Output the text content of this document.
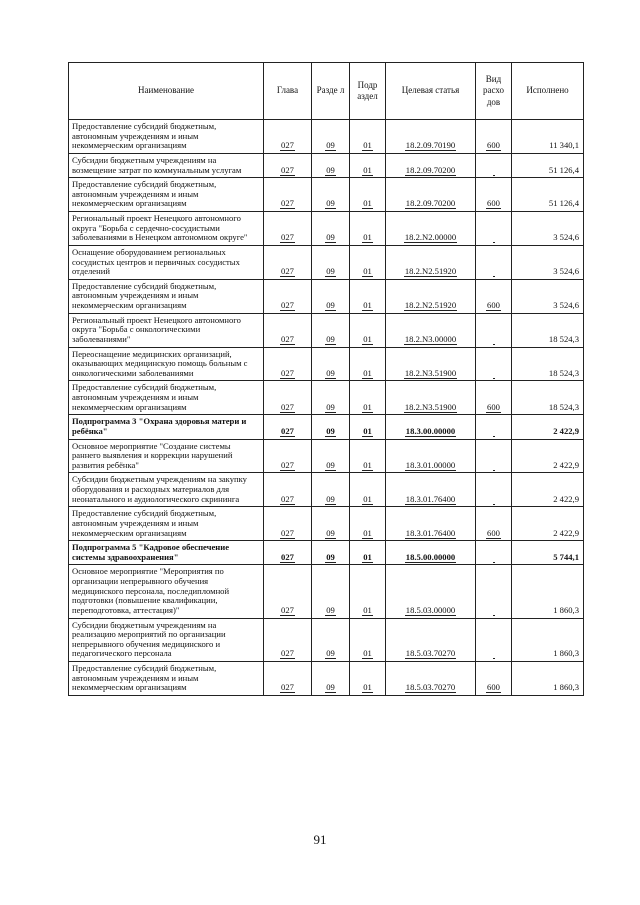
Наименование	Глава	Разде л	Подр аздел	Целевая статья	Вид расхо дов	Исполнено
Предоставление субсидий бюджетным, автономным учреждениям и иным некоммерческим организациям	027	09	01	18.2.09.70190	600	11 340,1
Субсидии бюджетным учреждениям на возмещение затрат по коммунальным услугам	027	09	01	18.2.09.70200		51 126,4
Предоставление субсидий бюджетным, автономным учреждениям и иным некоммерческим организациям	027	09	01	18.2.09.70200	600	51 126,4
Региональный проект Ненецкого автономного округа "Борьба с сердечно-сосудистыми заболеваниями в Ненецком автономном округе"	027	09	01	18.2.N2.00000		3 524,6
Оснащение оборудованием региональных сосудистых центров и первичных сосудистых отделений	027	09	01	18.2.N2.51920		3 524,6
Предоставление субсидий бюджетным, автономным учреждениям и иным некоммерческим организациям	027	09	01	18.2.N2.51920	600	3 524,6
Региональный проект Ненецкого автономного округа "Борьба с онкологическими заболеваниями"	027	09	01	18.2.N3.00000		18 524,3
Переоснащение медицинских организаций, оказывающих медицинскую помощь больным с онкологическими заболеваниями	027	09	01	18.2.N3.51900		18 524,3
Предоставление субсидий бюджетным, автономным учреждениям и иным некоммерческим организациям	027	09	01	18.2.N3.51900	600	18 524,3
Подпрограмма 3 "Охрана здоровья матери и ребёнка"	027	09	01	18.3.00.00000		2 422,9
Основное мероприятие "Создание системы раннего выявления и коррекции нарушений развития ребёнка"	027	09	01	18.3.01.00000		2 422,9
Субсидии бюджетным учреждениям на закупку оборудования и расходных материалов для неонатального и аудиологического скрининга	027	09	01	18.3.01.76400		2 422,9
Предоставление субсидий бюджетным, автономным учреждениям и иным некоммерческим организациям	027	09	01	18.3.01.76400	600	2 422,9
Подпрограмма 5 "Кадровое обеспечение системы здравоохранения"	027	09	01	18.5.00.00000		5 744,1
Основное мероприятие "Мероприятия по организации непрерывного обучения медицинского персонала, последипломной подготовки (повышение квалификации, переподготовка, аттестация)"	027	09	01	18.5.03.00000		1 860,3
Субсидии бюджетным учреждениям на реализацию мероприятий по организации непрерывного обучения медицинского и педагогического персонала	027	09	01	18.5.03.70270		1 860,3
Предоставление субсидий бюджетным, автономным учреждениям и иным некоммерческим организациям	027	09	01	18.5.03.70270	600	1 860,3
91
